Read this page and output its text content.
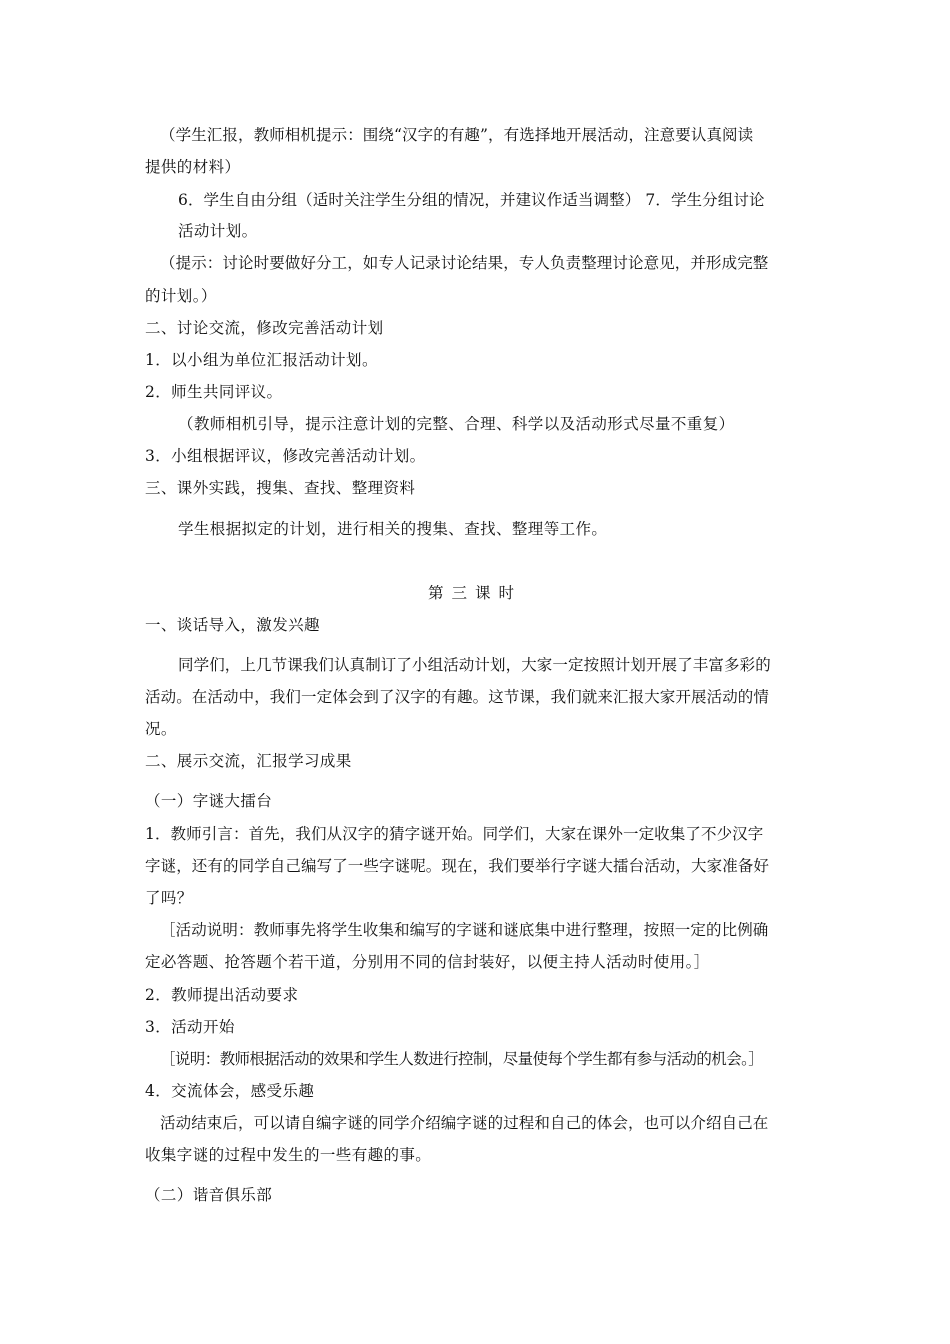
（学生汇报，教师相机提示：围绕“汉字的有趣”，有选择地开展活动，注意要认真阅读
提供的材料）
6．学生自由分组（适时关注学生分组的情况，并建议作适当调整） 7．学生分组讨论
活动计划。
（提示：讨论时要做好分工，如专人记录讨论结果，专人负责整理讨论意见，并形成完整
的计划。）
二、讨论交流，修改完善活动计划
1．以小组为单位汇报活动计划。
2．师生共同评议。
（教师相机引导，提示注意计划的完整、合理、科学以及活动形式尽量不重复）
3．小组根据评议，修改完善活动计划。
三、课外实践，搜集、查找、整理资料
学生根据拟定的计划，进行相关的搜集、查找、整理等工作。
第三课时
一、谈话导入，激发兴趣
同学们，上几节课我们认真制订了小组活动计划，大家一定按照计划开展了丰富多彩的
活动。在活动中，我们一定体会到了汉字的有趣。这节课，我们就来汇报大家开展活动的情
况。
二、展示交流，汇报学习成果
（一）字谜大擂台
1．教师引言：首先，我们从汉字的猜字谜开始。同学们，大家在课外一定收集了不少汉字
字谜，还有的同学自己编写了一些字谜呢。现在，我们要举行字谜大擂台活动，大家准备好
了吗？
［活动说明：教师事先将学生收集和编写的字谜和谜底集中进行整理，按照一定的比例确
定必答题、抢答题个若干道，分别用不同的信封装好，以便主持人活动时使用。］
2．教师提出活动要求
3．活动开始
［说明：教师根据活动的效果和学生人数进行控制，尽量使每个学生都有参与活动的机会。］
4．交流体会，感受乐趣
活动结束后，可以请自编字谜的同学介绍编字谜的过程和自己的体会，也可以介绍自己在
收集字谜的过程中发生的一些有趣的事。
（二）谐音俱乐部
